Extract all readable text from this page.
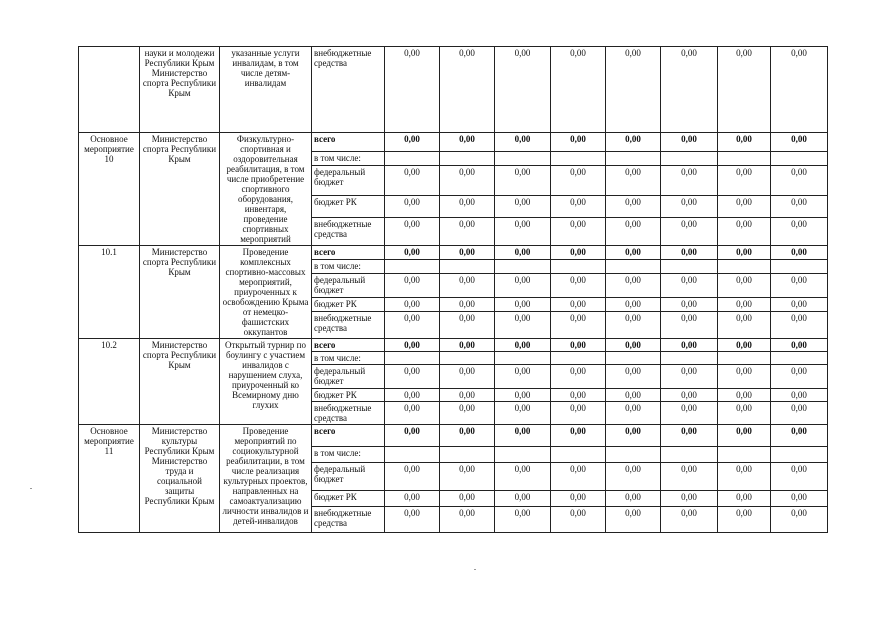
	науки и молодежи Республики Крым Министерство спорта Республики Крым	указанные услуги инвалидам, в том числе детям-инвалидам	внебюджетные средства	0,00	0,00	0,00	0,00	0,00	0,00	0,00	0,00
Основное мероприятие 10	Министерство спорта Республики Крым	Физкультурно-спортивная и оздоровительная реабилитация, в том числе приобретение спортивного оборудования, инвентаря, проведение спортивных мероприятий	всего	0,00	0,00	0,00	0,00	0,00	0,00	0,00	0,00
			в том числе:								
			федеральный бюджет	0,00	0,00	0,00	0,00	0,00	0,00	0,00	0,00
			бюджет РК	0,00	0,00	0,00	0,00	0,00	0,00	0,00	0,00
			внебюджетные средства	0,00	0,00	0,00	0,00	0,00	0,00	0,00	0,00
10.1	Министерство спорта Республики Крым	Проведение комплексных спортивно-массовых мероприятий, приуроченных к освобождению Крыма от немецко-фашистских оккупантов	всего	0,00	0,00	0,00	0,00	0,00	0,00	0,00	0,00
			в том числе:								
			федеральный бюджет	0,00	0,00	0,00	0,00	0,00	0,00	0,00	0,00
			бюджет РК	0,00	0,00	0,00	0,00	0,00	0,00	0,00	0,00
			внебюджетные средства	0,00	0,00	0,00	0,00	0,00	0,00	0,00	0,00
10.2	Министерство спорта Республики Крым	Открытый турнир по боулингу с участием инвалидов с нарушением слуха, приуроченный ко Всемирному дню глухих	всего	0,00	0,00	0,00	0,00	0,00	0,00	0,00	0,00
			в том числе:								
			федеральный бюджет	0,00	0,00	0,00	0,00	0,00	0,00	0,00	0,00
			бюджет РК	0,00	0,00	0,00	0,00	0,00	0,00	0,00	0,00
			внебюджетные средства	0,00	0,00	0,00	0,00	0,00	0,00	0,00	0,00
Основное мероприятие 11	Министерство культуры Республики Крым Министерство труда и социальной защиты Республики Крым	Проведение мероприятий по социокультурной реабилитации, в том числе реализация культурных проектов, направленных на самоактуализацию личности инвалидов и детей-инвалидов	всего	0,00	0,00	0,00	0,00	0,00	0,00	0,00	0,00
			в том числе:								
			федеральный бюджет	0,00	0,00	0,00	0,00	0,00	0,00	0,00	0,00
			бюджет РК	0,00	0,00	0,00	0,00	0,00	0,00	0,00	0,00
			внебюджетные средства	0,00	0,00	0,00	0,00	0,00	0,00	0,00	0,00
